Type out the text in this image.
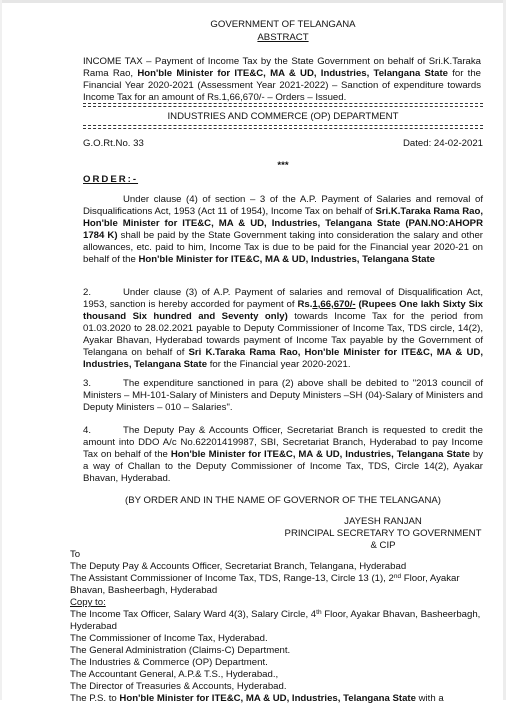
GOVERNMENT OF TELANGANA
ABSTRACT
INCOME TAX – Payment of Income Tax by the State Government on behalf of Sri.K.Taraka Rama Rao, Hon'ble Minister for ITE&C, MA & UD, Industries, Telangana State for the Financial Year 2020-2021 (Assessment Year 2021-2022) – Sanction of expenditure towards Income Tax for an amount of Rs.1,66,670/- – Orders – Issued.
INDUSTRIES AND COMMERCE (OP) DEPARTMENT
G.O.Rt.No. 33	Dated: 24-02-2021
***
ORDER:-
Under clause (4) of section – 3 of the A.P. Payment of Salaries and removal of Disqualifications Act, 1953 (Act 11 of 1954), Income Tax on behalf of Sri.K.Taraka Rama Rao, Hon'ble Minister for ITE&C, MA & UD, Industries, Telangana State (PAN.NO:AHOPR 1784 K) shall be paid by the State Government taking into consideration the salary and other allowances, etc. paid to him, Income Tax is due to be paid for the Financial year 2020-21 on behalf of the Hon'ble Minister for ITE&C, MA & UD, Industries, Telangana State
2.	Under clause (3) of A.P. Payment of salaries and removal of Disqualification Act, 1953, sanction is hereby accorded for payment of Rs.1,66,670/- (Rupees One lakh Sixty Six thousand Six hundred and Seventy only) towards Income Tax for the period from 01.03.2020 to 28.02.2021 payable to Deputy Commissioner of Income Tax, TDS circle, 14(2), Ayakar Bhavan, Hyderabad towards payment of Income Tax payable by the Government of Telangana on behalf of Sri K.Taraka Rama Rao, Hon'ble Minister for ITE&C, MA & UD, Industries, Telangana State for the Financial year 2020-2021.
3.	The expenditure sanctioned in para (2) above shall be debited to "2013 council of Ministers – MH-101-Salary of Ministers and Deputy Ministers –SH (04)-Salary of Ministers and Deputy Ministers – 010 – Salaries".
4.	The Deputy Pay & Accounts Officer, Secretariat Branch is requested to credit the amount into DDO A/c No.62201419987, SBI, Secretariat Branch, Hyderabad to pay Income Tax on behalf of the Hon'ble Minister for ITE&C, MA & UD, Industries, Telangana State by a way of Challan to the Deputy Commissioner of Income Tax, TDS, Circle 14(2), Ayakar Bhavan, Hyderabad.
(BY ORDER AND IN THE NAME OF GOVERNOR OF THE TELANGANA)
JAYESH RANJAN
PRINCIPAL SECRETARY TO GOVERNMENT & CIP
To
The Deputy Pay & Accounts Officer, Secretariat Branch, Telangana, Hyderabad
The Assistant Commissioner of Income Tax, TDS, Range-13, Circle 13 (1), 2nd Floor, Ayakar Bhavan, Basheerbagh, Hyderabad
Copy to:
The Income Tax Officer, Salary Ward 4(3), Salary Circle, 4th Floor, Ayakar Bhavan, Basheerbagh, Hyderabad
The Commissioner of Income Tax, Hyderabad.
The General Administration (Claims-C) Department.
The Industries & Commerce (OP) Department.
The Accountant General, A.P.& T.S., Hyderabad.,
The Director of Treasuries & Accounts, Hyderabad.
The P.S. to Hon'ble Minister for ITE&C, MA & UD, Industries, Telangana State with a
